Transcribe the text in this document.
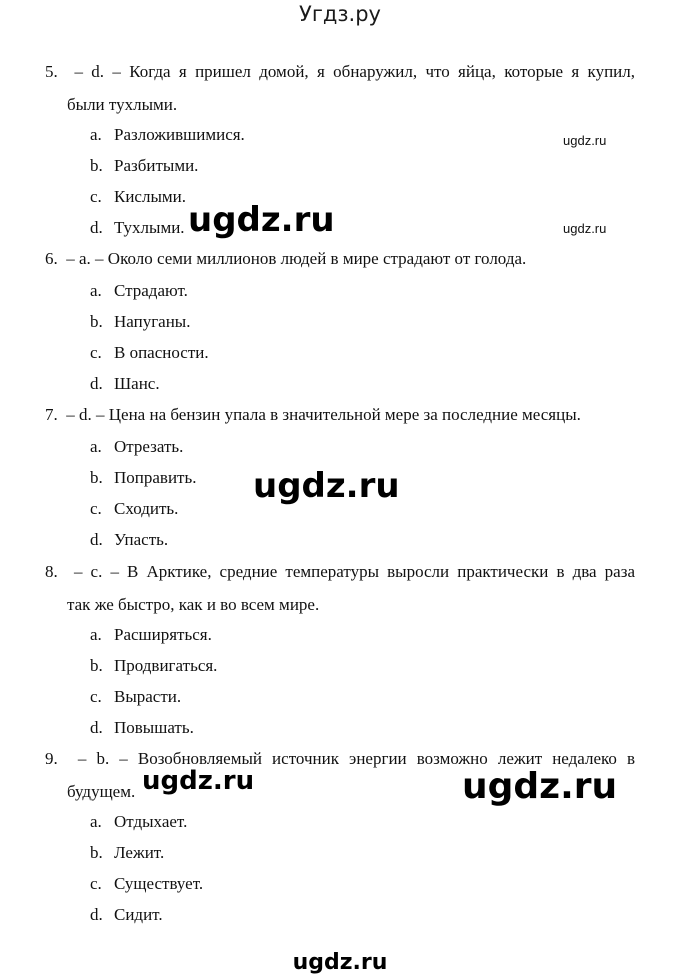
Угдз.ру
5. – d. – Когда я пришел домой, я обнаружил, что яйца, которые я купил,
были тухлыми.
a. Разложившимися.
b. Разбитыми.
c. Кислыми.
d. Тухлыми.
6. – a. – Около семи миллионов людей в мире страдают от голода.
a. Страдают.
b. Напуганы.
c. В опасности.
d. Шанс.
7. – d. – Цена на бензин упала в значительной мере за последние месяцы.
a. Отрезать.
b. Поправить.
c. Сходить.
d. Упасть.
8. – c. – В Арктике, средние температуры выросли практически в два раза
так же быстро, как и во всем мире.
a. Расширяться.
b. Продвигаться.
c. Вырасти.
d. Повышать.
9. – b. – Возобновляемый источник энергии возможно лежит недалеко в
будущем.
a. Отдыхает.
b. Лежит.
c. Существует.
d. Сидит.
ugdz.ru
ugdz.ru
ugdz.ru
ugdz.ru
ugdz.ru	ugdz.ru
ugdz.ru
